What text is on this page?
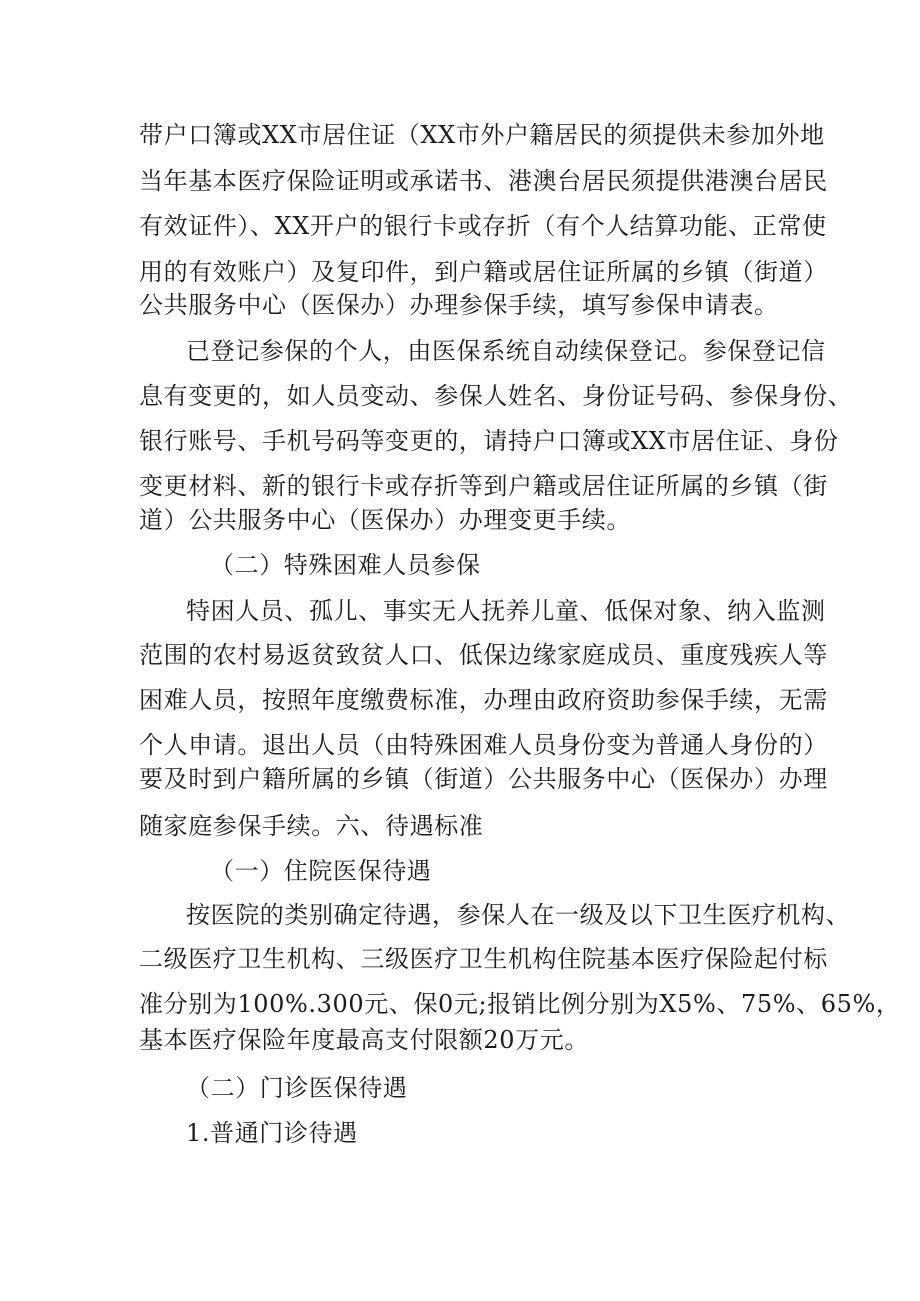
带户口簿或XX市居住证（XX市外户籍居民的须提供未参加外地
当年基本医疗保险证明或承诺书、港澳台居民须提供港澳台居民
有效证件）、XX开户的银行卡或存折（有个人结算功能、正常使
用的有效账户）及复印件，到户籍或居住证所属的乡镇（街道）
公共服务中心（医保办）办理参保手续，填写参保申请表。
已登记参保的个人，由医保系统自动续保登记。参保登记信
息有变更的，如人员变动、参保人姓名、身份证号码、参保身份、
银行账号、手机号码等变更的，请持户口簿或XX市居住证、身份
变更材料、新的银行卡或存折等到户籍或居住证所属的乡镇（街
道）公共服务中心（医保办）办理变更手续。
（二）特殊困难人员参保
特困人员、孤儿、事实无人抚养儿童、低保对象、纳入监测
范围的农村易返贫致贫人口、低保边缘家庭成员、重度残疾人等
困难人员，按照年度缴费标准，办理由政府资助参保手续，无需
个人申请。退出人员（由特殊困难人员身份变为普通人身份的）
要及时到户籍所属的乡镇（街道）公共服务中心（医保办）办理
随家庭参保手续。六、待遇标准
（一）住院医保待遇
按医院的类别确定待遇，参保人在一级及以下卫生医疗机构、
二级医疗卫生机构、三级医疗卫生机构住院基本医疗保险起付标
准分别为100%.300元、保0元;报销比例分别为X5%、75%、65%，
基本医疗保险年度最高支付限额20万元。
（二）门诊医保待遇
1.普通门诊待遇
